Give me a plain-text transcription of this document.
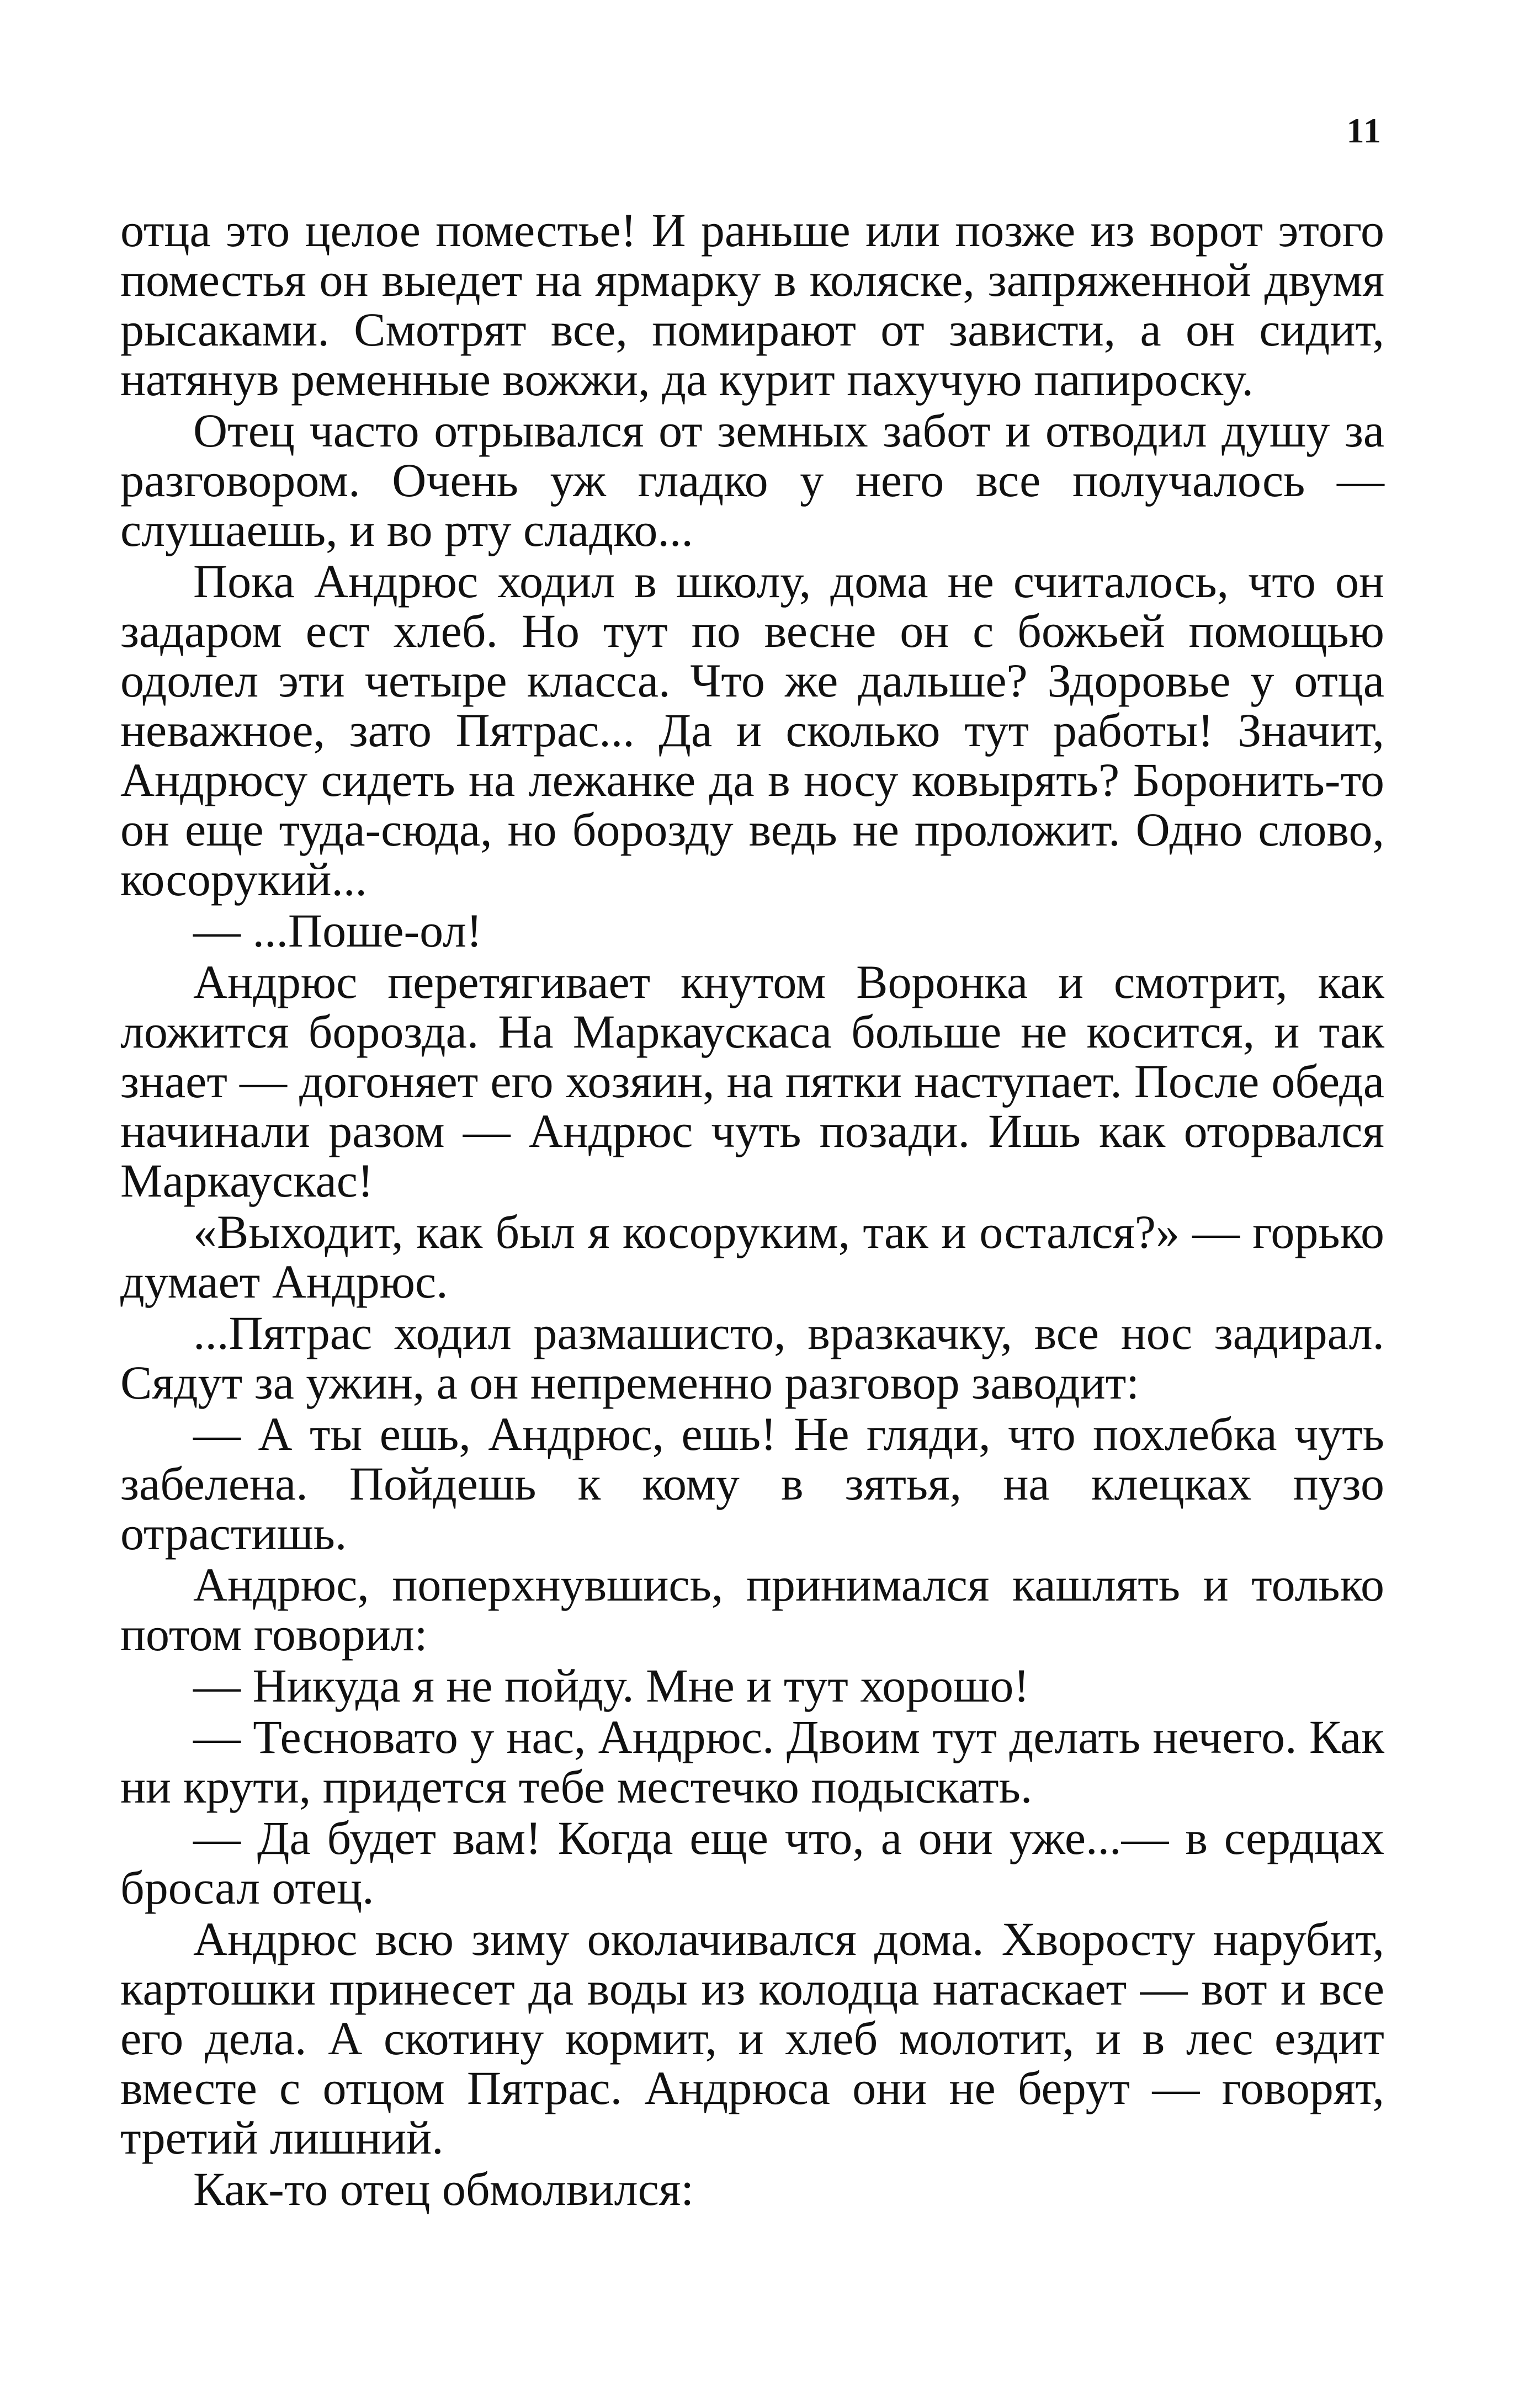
11

отца это целое поместье! И раньше или позже из ворот этого поместья он выедет на ярмарку в коляске, запряженной двумя рысаками. Смотрят все, помирают от зависти, а он сидит, натянув ременные вожжи, да курит пахучую папироску.

Отец часто отрывался от земных забот и отводил душу за разговором. Очень уж гладко у него все получалось — слушаешь, и во рту сладко...

Пока Андрюс ходил в школу, дома не считалось, что он задаром ест хлеб. Но тут по весне он с божьей помощью одолел эти четыре класса. Что же дальше? Здоровье у отца неважное, зато Пятрас... Да и сколько тут работы! Значит, Андрюсу сидеть на лежанке да в носу ковырять? Боронить-то он еще туда-сюда, но борозду ведь не проложит. Одно слово, косорукий...

— ...Поше-ол!

Андрюс перетягивает кнутом Воронка и смотрит, как ложится борозда. На Маркаускаса больше не косится, и так знает — догоняет его хозяин, на пятки наступает. После обеда начинали разом — Андрюс чуть позади. Ишь как оторвался Маркаускас!

«Выходит, как был я косоруким, так и остался?» — горько думает Андрюс.

...Пятрас ходил размашисто, вразкачку, все нос задирал. Сядут за ужин, а он непременно разговор заводит:

— А ты ешь, Андрюс, ешь! Не гляди, что похлебка чуть забелена. Пойдешь к кому в зятья, на клецках пузо отрастишь.

Андрюс, поперхнувшись, принимался кашлять и только потом говорил:

— Никуда я не пойду. Мне и тут хорошо!

— Тесновато у нас, Андрюс. Двоим тут делать нечего. Как ни крути, придется тебе местечко подыскать.

— Да будет вам! Когда еще что, а они уже...— в сердцах бросал отец.

Андрюс всю зиму околачивался дома. Хворосту нарубит, картошки принесет да воды из колодца натаскает — вот и все его дела. А скотину кормит, и хлеб молотит, и в лес ездит вместе с отцом Пятрас. Андрюса они не берут — говорят, третий лишний.

Как-то отец обмолвился:
